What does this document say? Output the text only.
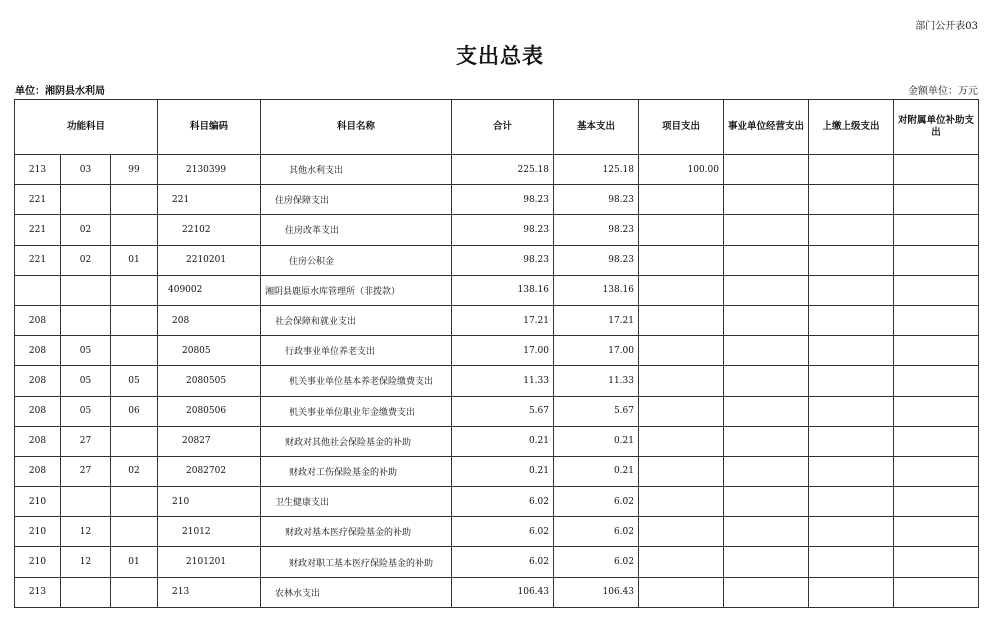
部门公开表03
支出总表
单位：湘阴县水利局	金额单位：万元
功能科目			科目编码	科目名称	合计	基本支出	项目支出	事业单位经营支出	上缴上级支出	对附属单位补助支出
213	03	99	2130399	其他水利支出	225.18	125.18	100.00			
221			221	住房保障支出	98.23	98.23				
221	02		22102	住房改革支出	98.23	98.23				
221	02	01	2210201	住房公积金	98.23	98.23				
			409002	湘阴县鹿原水库管理所（非拨款）	138.16	138.16				
208			208	社会保障和就业支出	17.21	17.21				
208	05		20805	行政事业单位养老支出	17.00	17.00				
208	05	05	2080505	机关事业单位基本养老保险缴费支出	11.33	11.33				
208	05	06	2080506	机关事业单位职业年金缴费支出	5.67	5.67				
208	27		20827	财政对其他社会保险基金的补助	0.21	0.21				
208	27	02	2082702	财政对工伤保险基金的补助	0.21	0.21				
210			210	卫生健康支出	6.02	6.02				
210	12		21012	财政对基本医疗保险基金的补助	6.02	6.02				
210	12	01	2101201	财政对职工基本医疗保险基金的补助	6.02	6.02				
213			213	农林水支出	106.43	106.43				
